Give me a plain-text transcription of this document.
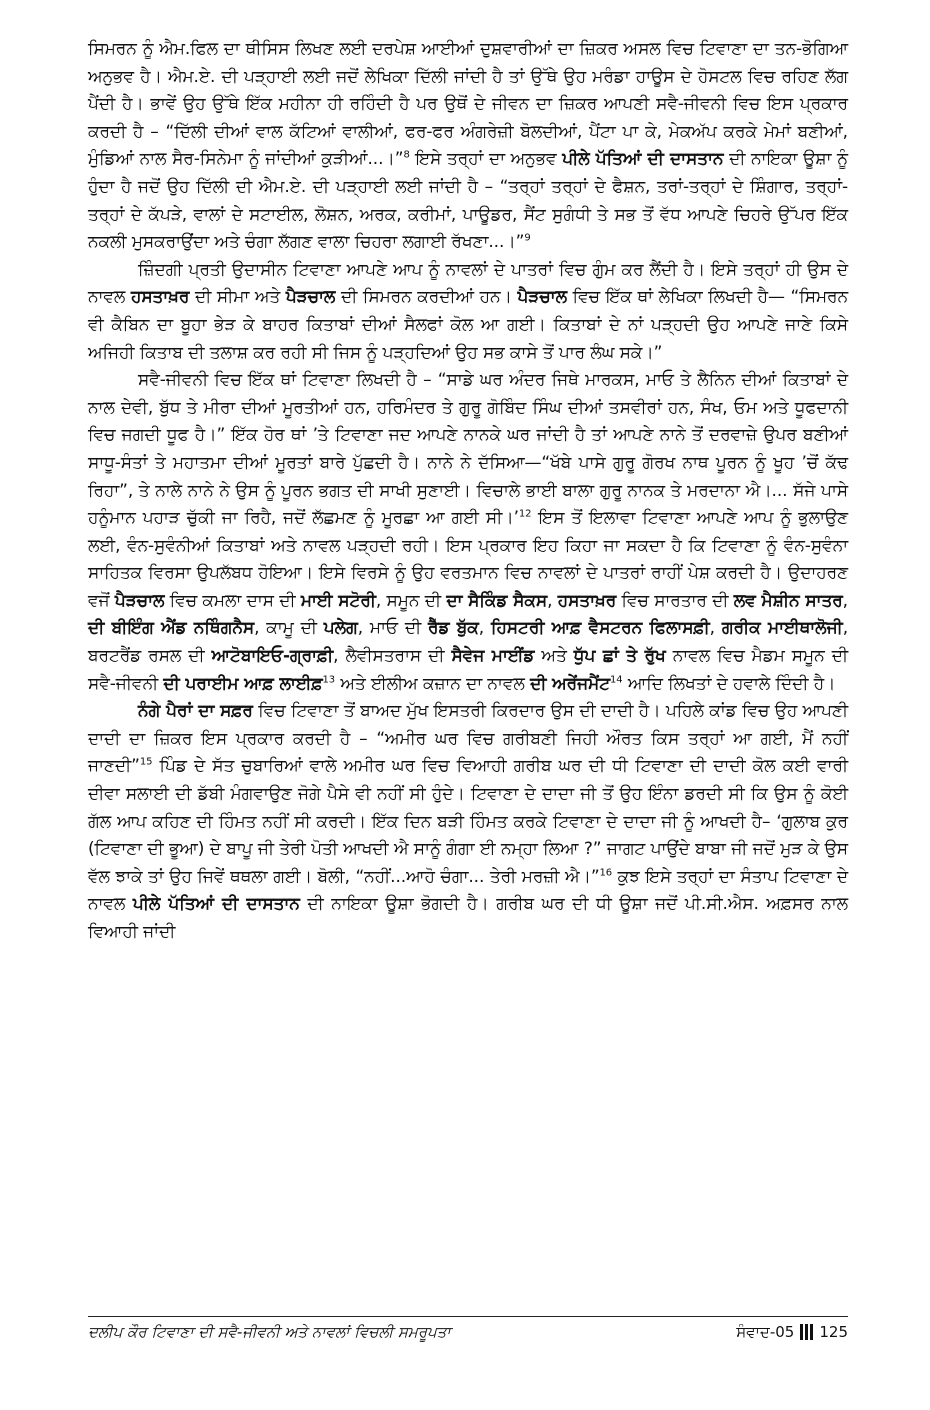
ਸਿਮਰਨ ਨੂੰ ਐਮ.ਫਿਲ ਦਾ ਥੀਸਿਸ ਲਿਖਣ ਲਈ ਦਰਪੇਸ਼ ਆਈਆਂ ਦੁਸ਼ਵਾਰੀਆਂ ਦਾ ਜ਼ਿਕਰ ਅਸਲ ਵਿਚ ਟਿਵਾਣਾ ਦਾ ਤਨ-ਭੋਗਿਆ ਅਨੁਭਵ ਹੈ। ਐਮ.ਏ. ਦੀ ਪੜ੍ਹਾਈ ਲਈ ਜਦੋਂ ਲੇਖਿਕਾ ਦਿੱਲੀ ਜਾਂਦੀ ਹੈ ਤਾਂ ਉੱਥੇ ਉਹ ਮਰੰਡਾ ਹਾਊਸ ਦੇ ਹੋਸਟਲ ਵਿਚ ਰਹਿਣ ਲੱਗ ਪੈਂਦੀ ਹੈ। ਭਾਵੇਂ ਉਹ ਉੱਥੇ ਇੱਕ ਮਹੀਨਾ ਹੀ ਰਹਿੰਦੀ ਹੈ ਪਰ ਉਥੋਂ ਦੇ ਜੀਵਨ ਦਾ ਜ਼ਿਕਰ ਆਪਣੀ ਸਵੈ-ਜੀਵਨੀ ਵਿਚ ਇਸ ਪ੍ਰਕਾਰ ਕਰਦੀ ਹੈ – “ਦਿੱਲੀ ਦੀਆਂ ਵਾਲ ਕੱਟਿਆਂ ਵਾਲੀਆਂ, ਫਰ-ਫਰ ਅੰਗਰੇਜ਼ੀ ਬੋਲਦੀਆਂ, ਪੈਂਟਾ ਪਾ ਕੇ, ਮੇਕਅੱਪ ਕਰਕੇ ਮੇਮਾਂ ਬਣੀਆਂ, ਮੁੰਡਿਆਂ ਨਾਲ ਸੈਰ-ਸਿਨੇਮਾ ਨੂੰ ਜਾਂਦੀਆਂ ਕੁੜੀਆਂ...।”$^8$ ਇਸੇ ਤਰ੍ਹਾਂ ਦਾ ਅਨੁਭਵ ਪੀਲੇ ਪੱਤਿਆਂ ਦੀ ਦਾਸਤਾਨ ਦੀ ਨਾਇਕਾ ਊਸ਼ਾ ਨੂੰ ਹੁੰਦਾ ਹੈ ਜਦੋਂ ਉਹ ਦਿੱਲੀ ਦੀ ਐਮ.ਏ. ਦੀ ਪੜ੍ਹਾਈ ਲਈ ਜਾਂਦੀ ਹੈ – “ਤਰ੍ਹਾਂ ਤਰ੍ਹਾਂ ਦੇ ਫੈਸ਼ਨ, ਤਰਾਂ-ਤਰ੍ਹਾਂ ਦੇ ਸ਼ਿੰਗਾਰ, ਤਰ੍ਹਾਂ-ਤਰ੍ਹਾਂ ਦੇ ਕੱਪੜੇ, ਵਾਲਾਂ ਦੇ ਸਟਾਈਲ, ਲੋਸ਼ਨ, ਅਰਕ, ਕਰੀਮਾਂ, ਪਾਊਡਰ, ਸੈਂਟ ਸੁਗੰਧੀ ਤੇ ਸਭ ਤੋਂ ਵੱਧ ਆਪਣੇ ਚਿਹਰੇ ਉੱਪਰ ਇੱਕ ਨਕਲੀ ਮੁਸਕਰਾਉਂਦਾ ਅਤੇ ਚੰਗਾ ਲੱਗਣ ਵਾਲਾ ਚਿਹਰਾ ਲਗਾਈ ਰੱਖਣਾ...।”$^9$

ਜ਼ਿੰਦਗੀ ਪ੍ਰਤੀ ਉਦਾਸੀਨ ਟਿਵਾਣਾ ਆਪਣੇ ਆਪ ਨੂੰ ਨਾਵਲਾਂ ਦੇ ਪਾਤਰਾਂ ਵਿਚ ਗੁੰਮ ਕਰ ਲੈਂਦੀ ਹੈ। ਇਸੇ ਤਰ੍ਹਾਂ ਹੀ ਉਸ ਦੇ ਨਾਵਲ ਹਸਤਾਖ਼ਰ ਦੀ ਸੀਮਾ ਅਤੇ ਪੈੜਚਾਲ ਦੀ ਸਿਮਰਨ ਕਰਦੀਆਂ ਹਨ। ਪੈੜਚਾਲ ਵਿਚ ਇੱਕ ਥਾਂ ਲੇਖਿਕਾ ਲਿਖਦੀ ਹੈ— “ਸਿਮਰਨ ਵੀ ਕੈਬਿਨ ਦਾ ਬੂਹਾ ਭੇੜ ਕੇ ਬਾਹਰ ਕਿਤਾਬਾਂ ਦੀਆਂ ਸੈਲਫਾਂ ਕੋਲ ਆ ਗਈ। ਕਿਤਾਬਾਂ ਦੇ ਨਾਂ ਪੜ੍ਹਦੀ ਉਹ ਆਪਣੇ ਜਾਣੇ ਕਿਸੇ ਅਜਿਹੀ ਕਿਤਾਬ ਦੀ ਤਲਾਸ਼ ਕਰ ਰਹੀ ਸੀ ਜਿਸ ਨੂੰ ਪੜ੍ਹਦਿਆਂ ਉਹ ਸਭ ਕਾਸੇ ਤੋਂ ਪਾਰ ਲੰਘ ਸਕੇ।”

ਸਵੈ-ਜੀਵਨੀ ਵਿਚ ਇੱਕ ਥਾਂ ਟਿਵਾਣਾ ਲਿਖਦੀ ਹੈ – “ਸਾਡੇ ਘਰ ਅੰਦਰ ਜਿਥੇ ਮਾਰਕਸ, ਮਾਓ ਤੇ ਲੈਨਿਨ ਦੀਆਂ ਕਿਤਾਬਾਂ ਦੇ ਨਾਲ ਦੇਵੀ, ਬੁੱਧ ਤੇ ਮੀਰਾ ਦੀਆਂ ਮੂਰਤੀਆਂ ਹਨ, ਹਰਿਮੰਦਰ ਤੇ ਗੁਰੂ ਗੋਬਿੰਦ ਸਿੰਘ ਦੀਆਂ ਤਸਵੀਰਾਂ ਹਨ, ਸੰਖ, ਓਮ ਅਤੇ ਧੂਫਦਾਨੀ ਵਿਚ ਜਗਦੀ ਧੂਫ ਹੈ।” ਇੱਕ ਹੋਰ ਥਾਂ ’ਤੇ ਟਿਵਾਣਾ ਜਦ ਆਪਣੇ ਨਾਨਕੇ ਘਰ ਜਾਂਦੀ ਹੈ ਤਾਂ ਆਪਣੇ ਨਾਨੇ ਤੋਂ ਦਰਵਾਜ਼ੇ ਉਪਰ ਬਣੀਆਂ ਸਾਧੂ-ਸੰਤਾਂ ਤੇ ਮਹਾਤਮਾ ਦੀਆਂ ਮੂਰਤਾਂ ਬਾਰੇ ਪੁੱਛਦੀ ਹੈ। ਨਾਨੇ ਨੇ ਦੱਸਿਆ—“ਖੱਬੇ ਪਾਸੇ ਗੁਰੂ ਗੋਰਖ ਨਾਥ ਪੂਰਨ ਨੂੰ ਖੂਹ ’ਚੋਂ ਕੱਢ ਰਿਹਾ”, ਤੇ ਨਾਲੇ ਨਾਨੇ ਨੇ ਉਸ ਨੂੰ ਪੂਰਨ ਭਗਤ ਦੀ ਸਾਖੀ ਸੁਣਾਈ। ਵਿਚਾਲੇ ਭਾਈ ਬਾਲਾ ਗੁਰੂ ਨਾਨਕ ਤੇ ਮਰਦਾਨਾ ਐ।... ਸੱਜੇ ਪਾਸੇ ਹਨੂੰਮਾਨ ਪਹਾੜ ਚੁੱਕੀ ਜਾ ਰਿਹੈ, ਜਦੋਂ ਲੱਛਮਣ ਨੂੰ ਮੂਰਛਾ ਆ ਗਈ ਸੀ।’$^{12}$ ਇਸ ਤੋਂ ਇਲਾਵਾ ਟਿਵਾਣਾ ਆਪਣੇ ਆਪ ਨੂੰ ਭੁਲਾਉਣ ਲਈ, ਵੰਨ-ਸੁਵੰਨੀਆਂ ਕਿਤਾਬਾਂ ਅਤੇ ਨਾਵਲ ਪੜ੍ਹਦੀ ਰਹੀ। ਇਸ ਪ੍ਰਕਾਰ ਇਹ ਕਿਹਾ ਜਾ ਸਕਦਾ ਹੈ ਕਿ ਟਿਵਾਣਾ ਨੂੰ ਵੰਨ-ਸੁਵੰਨਾ ਸਾਹਿਤਕ ਵਿਰਸਾ ਉਪਲੱਬਧ ਹੋਇਆ। ਇਸੇ ਵਿਰਸੇ ਨੂੰ ਉਹ ਵਰਤਮਾਨ ਵਿਚ ਨਾਵਲਾਂ ਦੇ ਪਾਤਰਾਂ ਰਾਹੀਂ ਪੇਸ਼ ਕਰਦੀ ਹੈ। ਉਦਾਹਰਣ ਵਜੋਂ ਪੈੜਚਾਲ ਵਿਚ ਕਮਲਾ ਦਾਸ ਦੀ ਮਾਈ ਸਟੋਰੀ, ਸਮੂਨ ਦੀ ਦਾ ਸੈਕਿੰਡ ਸੈਕਸ, ਹਸਤਾਖ਼ਰ ਵਿਚ ਸਾਰਤਾਰ ਦੀ ਲਵ ਮੈਸ਼ੀਨ ਸਾਤਰ, ਦੀ ਬੀਇੰਗ ਐਂਡ ਨਥਿੰਗਨੈਸ, ਕਾਮੂ ਦੀ ਪਲੇਗ, ਮਾਓ ਦੀ ਰੈੱਡ ਬੁੱਕ, ਹਿਸਟਰੀ ਆਫ਼ ਵੈਸਟਰਨ ਫਿਲਾਸਫ਼ੀ, ਗਰੀਕ ਮਾਈਥਾਲੋਜੀ, ਬਰਟਰੈਂਡ ਰਸਲ ਦੀ ਆਟੋਬਾਇਓ-ਗ੍ਰਾਫ਼ੀ, ਲੈਵੀਸਤਰਾਸ ਦੀ ਸੈਵੇਜ ਮਾਈਂਡ ਅਤੇ ਧੁੱਪ ਛਾਂ ਤੇ ਰੁੱਖ ਨਾਵਲ ਵਿਚ ਮੈਡਮ ਸਮੂਨ ਦੀ ਸਵੈ-ਜੀਵਨੀ ਦੀ ਪਰਾਈਮ ਆਫ਼ ਲਾਈਫ਼$^{13}$ ਅਤੇ ਈਲੀਅ ਕਜ਼ਾਨ ਦਾ ਨਾਵਲ ਦੀ ਅਰੇਂਜਮੈਂਟ$^{14}$ ਆਦਿ ਲਿਖਤਾਂ ਦੇ ਹਵਾਲੇ ਦਿੰਦੀ ਹੈ।

ਨੰਗੇ ਪੈਰਾਂ ਦਾ ਸਫ਼ਰ ਵਿਚ ਟਿਵਾਣਾ ਤੋਂ ਬਾਅਦ ਮੁੱਖ ਇਸਤਰੀ ਕਿਰਦਾਰ ਉਸ ਦੀ ਦਾਦੀ ਹੈ। ਪਹਿਲੇ ਕਾਂਡ ਵਿਚ ਉਹ ਆਪਣੀ ਦਾਦੀ ਦਾ ਜ਼ਿਕਰ ਇਸ ਪ੍ਰਕਾਰ ਕਰਦੀ ਹੈ – “ਅਮੀਰ ਘਰ ਵਿਚ ਗਰੀਬਣੀ ਜਿਹੀ ਔਰਤ ਕਿਸ ਤਰ੍ਹਾਂ ਆ ਗਈ, ਮੈਂ ਨਹੀਂ ਜਾਣਦੀ”$^{15}$ ਪਿੰਡ ਦੇ ਸੱਤ ਚੁਬਾਰਿਆਂ ਵਾਲੇ ਅਮੀਰ ਘਰ ਵਿਚ ਵਿਆਹੀ ਗਰੀਬ ਘਰ ਦੀ ਧੀ ਟਿਵਾਣਾ ਦੀ ਦਾਦੀ ਕੋਲ ਕਈ ਵਾਰੀ ਦੀਵਾ ਸਲਾਈ ਦੀ ਡੱਬੀ ਮੰਗਵਾਉਣ ਜੋਗੇ ਪੈਸੇ ਵੀ ਨਹੀਂ ਸੀ ਹੁੰਦੇ। ਟਿਵਾਣਾ ਦੇ ਦਾਦਾ ਜੀ ਤੋਂ ਉਹ ਇੰਨਾ ਡਰਦੀ ਸੀ ਕਿ ਉਸ ਨੂੰ ਕੋਈ ਗੱਲ ਆਪ ਕਹਿਣ ਦੀ ਹਿੰਮਤ ਨਹੀਂ ਸੀ ਕਰਦੀ। ਇੱਕ ਦਿਨ ਬੜੀ ਹਿੰਮਤ ਕਰਕੇ ਟਿਵਾਣਾ ਦੇ ਦਾਦਾ ਜੀ ਨੂੰ ਆਖਦੀ ਹੈ– ‘ਗੁਲਾਬ ਕੁਰ (ਟਿਵਾਣਾ ਦੀ ਭੂਆ) ਦੇ ਬਾਪੂ ਜੀ ਤੇਰੀ ਪੋਤੀ ਆਖਦੀ ਐ ਸਾਨੂੰ ਗੰਗਾ ਈ ਨਮ੍ਹਾ ਲਿਆ ?” ਜਾਗਟ ਪਾਉਂਦੇ ਬਾਬਾ ਜੀ ਜਦੋਂ ਮੁੜ ਕੇ ਉਸ ਵੱਲ ਝਾਕੇ ਤਾਂ ਉਹ ਜਿਵੇਂ ਥਥਲਾ ਗਈ। ਬੋਲੀ, “ਨਹੀਂ...ਆਹੋ ਚੰਗਾ... ਤੇਰੀ ਮਰਜ਼ੀ ਐ।”$^{16}$ ਕੁਝ ਇਸੇ ਤਰ੍ਹਾਂ ਦਾ ਸੰਤਾਪ ਟਿਵਾਣਾ ਦੇ ਨਾਵਲ ਪੀਲੇ ਪੱਤਿਆਂ ਦੀ ਦਾਸਤਾਨ ਦੀ ਨਾਇਕਾ ਊਸ਼ਾ ਭੋਗਦੀ ਹੈ। ਗਰੀਬ ਘਰ ਦੀ ਧੀ ਊਸ਼ਾ ਜਦੋਂ ਪੀ.ਸੀ.ਐਸ. ਅਫ਼ਸਰ ਨਾਲ ਵਿਆਹੀ ਜਾਂਦੀ

ਦਲੀਪ ਕੌਰ ਟਿਵਾਣਾ ਦੀ ਸਵੈ-ਜੀਵਨੀ ਅਤੇ ਨਾਵਲਾਂ ਵਿਚਲੀ ਸਮਰੂਪਤਾ	ਸੰਵਾਦ-05 125
